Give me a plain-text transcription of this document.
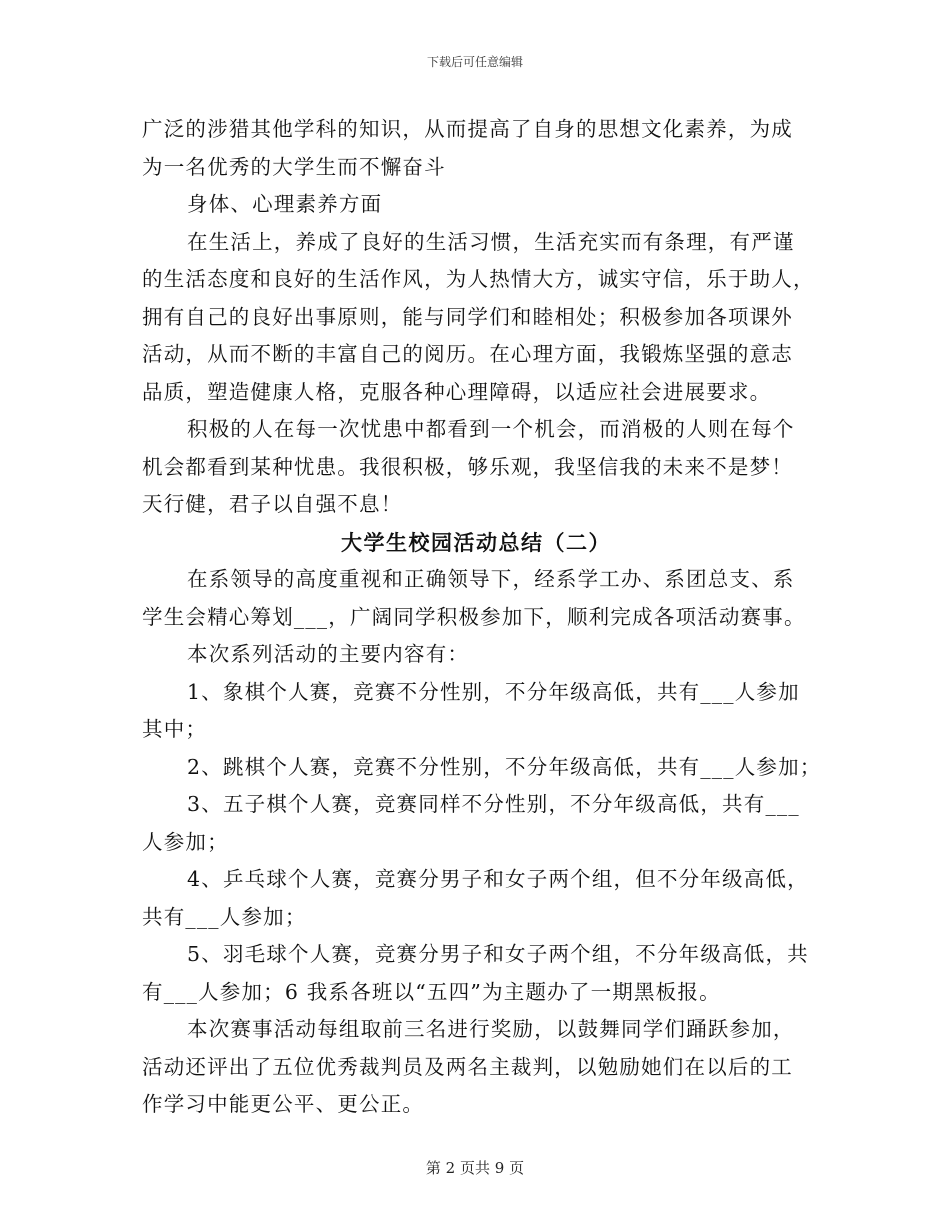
下载后可任意编辑
广泛的涉猎其他学科的知识，从而提高了自身的思想文化素养，为成
为一名优秀的大学生而不懈奋斗
身体、心理素养方面
在生活上，养成了良好的生活习惯，生活充实而有条理，有严谨
的生活态度和良好的生活作风，为人热情大方，诚实守信，乐于助人，
拥有自己的良好出事原则，能与同学们和睦相处；积极参加各项课外
活动，从而不断的丰富自己的阅历。在心理方面，我锻炼坚强的意志
品质，塑造健康人格，克服各种心理障碍，以适应社会进展要求。
积极的人在每一次忧患中都看到一个机会，而消极的人则在每个
机会都看到某种忧患。我很积极，够乐观，我坚信我的未来不是梦！
天行健，君子以自强不息！
大学生校园活动总结（二）
在系领导的高度重视和正确领导下，经系学工办、系团总支、系
学生会精心筹划___，广阔同学积极参加下，顺利完成各项活动赛事。
本次系列活动的主要内容有：
1、象棋个人赛，竞赛不分性别，不分年级高低，共有___人参加
其中；
2、跳棋个人赛，竞赛不分性别，不分年级高低，共有___人参加；
3、五子棋个人赛，竞赛同样不分性别，不分年级高低，共有___
人参加；
4、乒乓球个人赛，竞赛分男子和女子两个组，但不分年级高低，
共有___人参加；
5、羽毛球个人赛，竞赛分男子和女子两个组，不分年级高低，共
有___人参加；6 我系各班以“五四”为主题办了一期黑板报。
本次赛事活动每组取前三名进行奖励，以鼓舞同学们踊跃参加，
活动还评出了五位优秀裁判员及两名主裁判，以勉励她们在以后的工
作学习中能更公平、更公正。
第 2 页共 9 页
